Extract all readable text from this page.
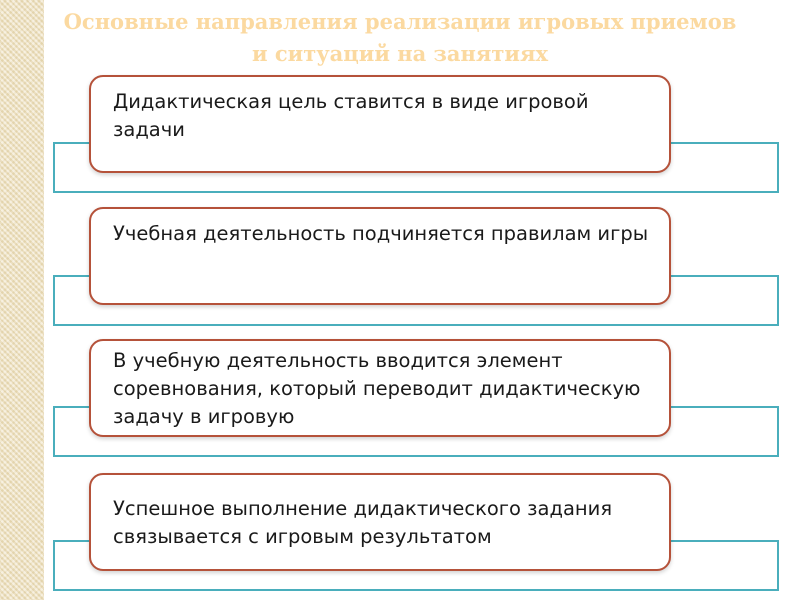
Основные направления реализации игровых приемов
и ситуаций на занятиях
Дидактическая цель ставится в виде игровой задачи
Учебная деятельность подчиняется правилам игры
В учебную деятельность вводится элемент соревнования, который переводит дидактическую задачу в игровую
Успешное выполнение дидактического задания связывается с игровым результатом
